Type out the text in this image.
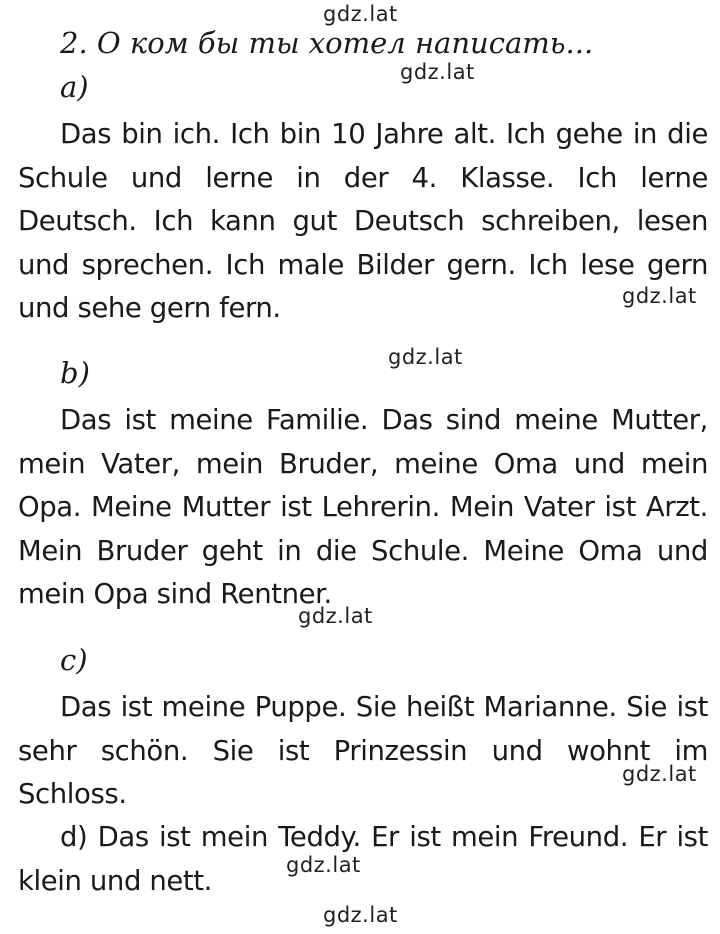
gdz.lat
gdz.lat
gdz.lat
gdz.lat
gdz.lat
gdz.lat
gdz.lat
gdz.lat
2. О ком бы ты хотел написать...
a)

Das bin ich. Ich bin 10 Jahre alt. Ich gehe in die Schule und lerne in der 4. Klasse. Ich lerne Deutsch. Ich kann gut Deutsch schreiben, lesen und sprechen. Ich male Bilder gern. Ich lese gern und sehe gern fern.

b)

Das ist meine Familie. Das sind meine Mutter, mein Vater, mein Bruder, meine Oma und mein Opa. Meine Mutter ist Lehrerin. Mein Vater ist Arzt. Mein Bruder geht in die Schule. Meine Oma und mein Opa sind Rentner.

c)

Das ist meine Puppe. Sie heißt Marianne. Sie ist sehr schön. Sie ist Prinzessin und wohnt im Schloss.

d) Das ist mein Teddy. Er ist mein Freund. Er ist klein und nett.
